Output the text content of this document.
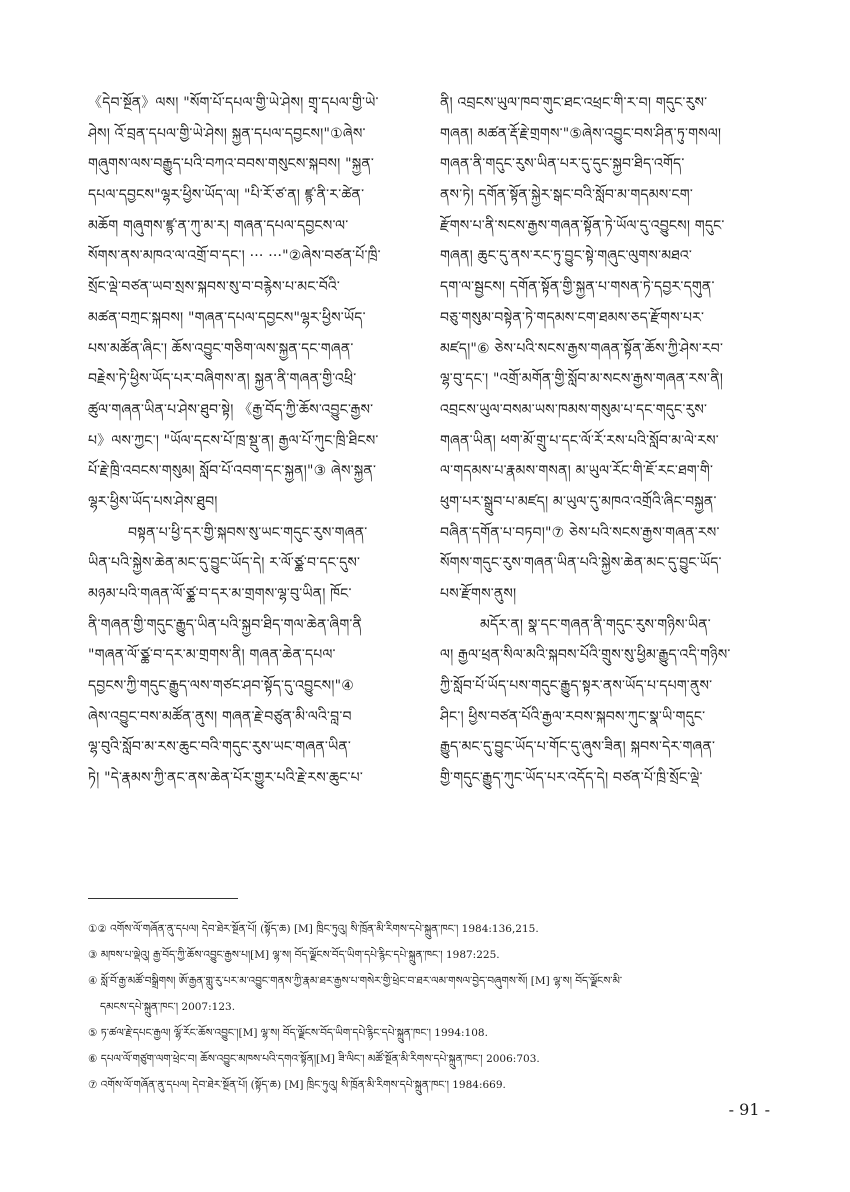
《དེབ་སྔོན》ལས། "སོག་པོ་དཔལ་གྱི་ཡེ་ཤེས། གྲྭ་དཔལ་གྱི་ཡེ་
ཤེས། འོ་བྲན་དཔལ་གྱི་ཡེ་ཤེས། སྐྱན་དཔལ་དབྱངས།"①ཞེས་
གཞུགས་ལས་བརྒྱུད་པའི་བཀའ་བབས་གསུངས་སྐབས། "སྐྱན་
དཔལ་དབྱངས"ལྷར་ཕྱིས་ཡོད་ལ། "པི་རོ་ཙ་ན། ཛྙ་ནི་ར་ཚེན་
མཆོག གཞུགས་ཛྙ་ན་ཀུ་མ་ར། གཞན་དཔལ་དབྱངས་ལ་
སོགས་ནས་མཁའ་ལ་འགྲོ་བ་དང་། ··· ···"②ཞེས་བཙན་པོ་ཁྲི་
སྲོང་ལྡེ་བཙན་ཡབ་སྲས་སྐབས་སུ་བ་བརྙེས་པ་མང་བོའི་
མཚན་བཀྲང་སྐབས། "གཞན་དཔལ་དབྱངས"ལྷར་ཕྱིས་ཡོད་
པས་མཚོན་ཞིང་། ཆོས་འབྱུང་གཅིག་ལས་སྐྱན་དང་གཞན་
བརྗེས་ཏེ་ཕྱིས་ཡོད་པར་བཞིགས་ན། སྐྱན་ནི་གཞན་གྱི་འཕྲི་
ཚུལ་གཞན་ཡིན་པ་ཤེས་ཐུབ་སྟེ། 《རྒྱ་བོད་ཀྱི་ཆོས་འབྱུང་རྒྱས་
པ》ལས་ཀྱང་། "ཡོལ་དངས་པོ་ཁྲ་སྡུ་ན། རྒྱལ་པོ་ཀུང་ཁྲི་ཐིངས་
པོ་རྗེ་ཁྲི་འབངས་གསུམ། སློབ་པོ་འབག་དང་སྐྱན།"③ ཞེས་སྐྱན་
ལྷར་ཕྱིས་ཡོད་པས་ཤེས་ཐུབ།
བསྟན་པ་ཕྱི་དར་གྱི་སྐབས་སུ་ཡང་གདུང་རུས་གཞན་
ཡིན་པའི་སྐྱེས་ཆེན་མང་དུ་བྱུང་ཡོད་དེ། ར་ལོ་ཙྪ་བ་དང་དུས་
མཉམ་པའི་གཞན་ལོ་ཙྪ་བ་དར་མ་གྲགས་ལྷ་བུ་ཡིན། ཁོང་
ནི་གཞན་གྱི་གདུང་རྒྱུད་ཡིན་པའི་སྐྱབ་ཐིད་གལ་ཆེན་ཞིག་ནི
"གཞན་ལོ་ཙྪ་བ་དར་མ་གྲགས་ནི། གཞན་ཆེན་དཔལ་
དབྱངས་ཀྱི་གདུང་རྒྱུད་ལས་གཙང་ཤབ་སྟོད་དུ་འབྱུངས།"④
ཞེས་འབྱུང་བས་མཚོན་ནུས། གཞན་རྗེ་བཙུན་མི་ལའི་བླ་བ
ལྷ་བུའི་སློབ་མ་རས་ཆུང་བའི་གདུང་རུས་ཡང་གཞན་ཡིན་
ཏེ། "དེ་རྣམས་ཀྱི་ནང་ནས་ཆེན་པོར་གྱུར་པའི་རྗེ་རས་ཆུང་པ་
ནི། འབྲངས་ཡུལ་ཁབ་གུང་ཐང་འཕྲང་གི་ར་བ། གདུང་རུས་
གཞན། མཚན་རྡོ་རྗེ་གྲགས་"⑤ཞེས་འབྱུང་བས་ཤིན་ཏུ་གསལ།
གཞན་ནི་གདུང་རུས་ཡིན་པར་དུ་དུང་སྐྱབ་ཐིད་འགོད་
ནས་ཏེ། དགོན་སྟོན་སྐྱེར་སྒང་བའི་སློབ་མ་གདམས་ངག་
རྫོགས་པ་ནི་སངས་རྒྱས་གཞན་སྟོན་ཏེ་ཡོལ་དུ་འབྱུངས། གདུང་
གཞན། ཆུང་དུ་ནས་རང་ཏུ་བྱུང་སྟེ་གཞུང་ལུགས་མཐའ་
དག་ལ་སྦྱངས། དགོན་སྟོན་གྱི་སྐྱན་པ་གསན་ཏེ་དབྱར་དགུན་
བཅུ་གསུམ་བསྟེན་ཏེ་གདམས་ངག་ཐམས་ཅད་རྫོགས་པར་
མཛད།"⑥ ཅེས་པའི་སངས་རྒྱས་གཞན་སྟོན་ཆོས་ཀྱི་ཤེས་རབ་
ལྷ་བུ་དང་། "འགྲོ་མགོན་གྱི་སློབ་མ་སངས་རྒྱས་གཞན་རས་ནི།
འབྲངས་ཡུལ་བསམ་ཡས་ཁམས་གསུམ་པ་དང་གདུང་རུས་
གཞན་ཡིན། ཕག་མོ་གྲུ་པ་དང་ལོ་རོ་རས་པའི་སློབ་མ་ལེ་རས་
ལ་གདམས་པ་རྣམས་གསན། མ་ཡུལ་རོང་གི་ཇོ་རང་ཐག་གི་
ཕུག་པར་སྒྲུབ་པ་མཛད། མ་ཡུལ་དུ་མཁའ་འགྲོའི་ཞིང་བསྐྱན་
བཞིན་དགོན་པ་བཏབ།"⑦ ཅེས་པའི་སངས་རྒྱས་གཞན་རས་
སོགས་གདུང་རུས་གཞན་ཡིན་པའི་སྐྱེས་ཆེན་མང་དུ་བྱུང་ཡོད་
པས་རྫོགས་ནུས།
མདོར་ན། སྣ་དང་གཞན་ནི་གདུང་རུས་གཉིས་ཡིན་
ལ། རྒྱལ་ཕྲན་སིལ་མའི་སྐབས་པོའི་གྲུས་སུ་ཕྱིམ་རྒྱུད་འདི་གཉིས་
ཀྱི་སློབ་པོ་ཡོད་པས་གདུང་རྒྱུད་སྟར་ནས་ཡོད་པ་དཔག་ནུས་
ཤིང་། ཕྱིས་བཙན་པོའི་རྒྱལ་རབས་སྐབས་ཀུང་སྣ་ཡི་གདུང་
རྒྱུད་མང་དུ་བྱུང་ཡོད་པ་གོང་དུ་ཞུས་ཟིན། སྐབས་དེར་གཞན་
གྱི་གདུང་རྒྱུད་ཀུང་ཡོད་པར་འདོད་དེ། བཙན་པོ་ཁྲི་སྲོང་ལྡེ་
①② འགོས་ལོ་གཞོན་ནུ་དཔལ། དེབ་ཐེར་སྔོན་པོ། (སྟོད་ཆ) [M] ཁྲིང་ཏུའུ། སི་ཁྲོན་མི་རིགས་དཔེ་སྐྲུན་ཁང་། 1984:136,215.
③ མཁས་པ་ལྡེའུ། རྒྱ་བོད་ཀྱི་ཆོས་འབྱུང་རྒྱས་པ།[M] ལྷ་ས། བོད་ལྗོངས་བོད་ཡིག་དཔེ་རྙིང་དཔེ་སྐྲུན་ཁང་། 1987:225.
④ སློ་བོ་རྒྱ་མཚོ་བསྒྲིགས། ཨོ་རྒྱན་གླུ་རུ་པར་མ་འབྱུང་གནས་ཀྱི་རྣམ་ཐར་རྒྱས་པ་གསེར་གྱི་ཕྲེང་བ་ཐར་ལམ་གསལ་བྱེད་བཞུགས་སོ། [M] ལྷ་ས། བོད་ལྗོངས་མི་
དམངས་དཔེ་སྐྲུན་ཁང་། 2007:123.
⑤ ཏ་ཚལ་རྗེ་དཔང་རྒྱལ། ལྷོ་རོང་ཆོས་འབྱུང་།[M] ལྷ་ས། བོད་ལྗོངས་བོད་ཡིག་དཔེ་རྙིང་དཔེ་སྐྲུན་ཁང་། 1994:108.
⑥ དཔལ་ལོ་གཙུག་ལག་ཕྲེང་བ། ཆོས་འབྱུང་མཁས་པའི་དགའ་སྟོན།[M] ཟི་ལིང་། མཚོ་སྔོན་མི་རིགས་དཔེ་སྐྲུན་ཁང་། 2006:703.
⑦ འགོས་ལོ་གཞོན་ནུ་དཔལ། དེབ་ཐེར་སྔོན་པོ། (སྟོད་ཆ) [M] ཁྲིང་ཏུའུ། སི་ཁྲོན་མི་རིགས་དཔེ་སྐྲུན་ཁང་། 1984:669.
- 91 -
